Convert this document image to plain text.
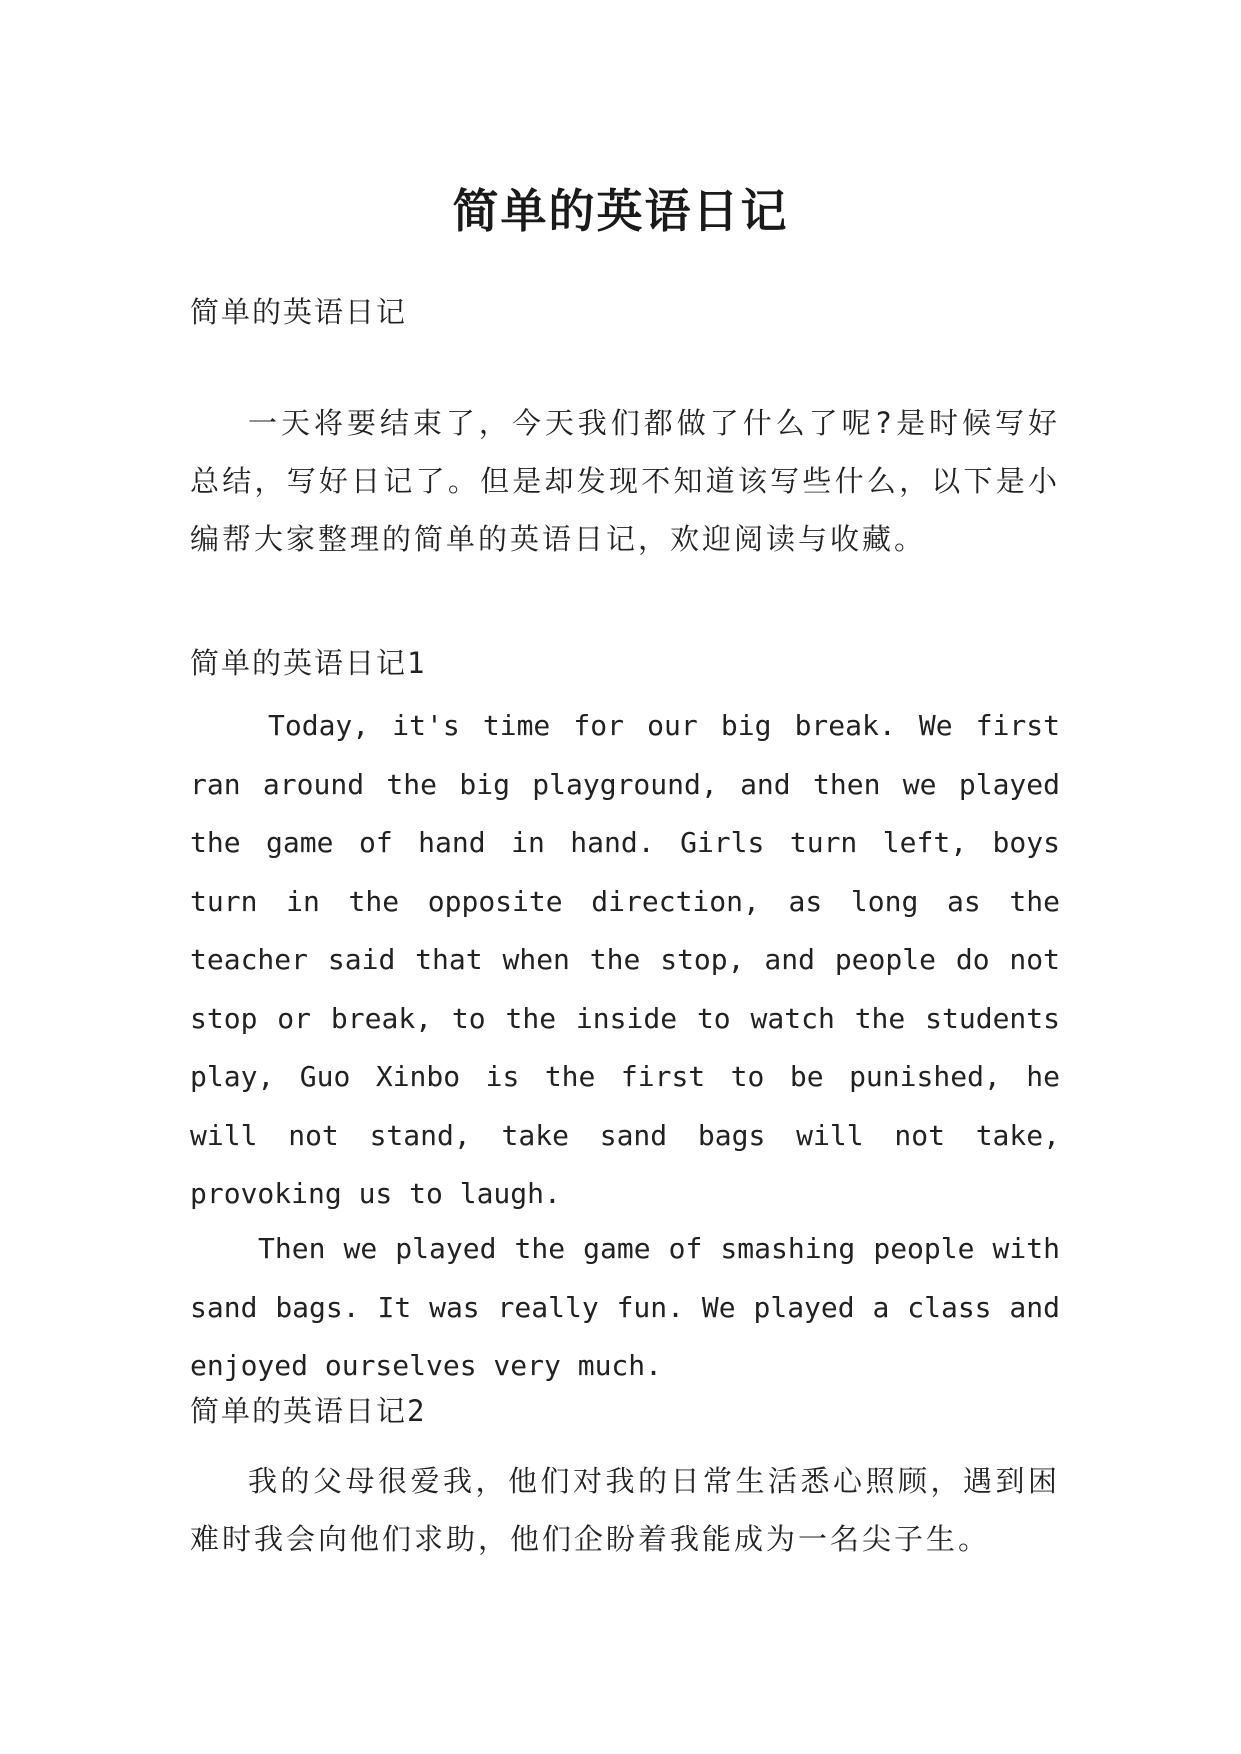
简单的英语日记

简单的英语日记

一天将要结束了，今天我们都做了什么了呢?是时候写好总结，写好日记了。但是却发现不知道该写些什么，以下是小编帮大家整理的简单的英语日记，欢迎阅读与收藏。

简单的英语日记1

Today, it's time for our big break. We first ran around the big playground, and then we played the game of hand in hand. Girls turn left, boys turn in the opposite direction, as long as the teacher said that when the stop, and people do not stop or break, to the inside to watch the students play, Guo Xinbo is the first to be punished, he will not stand, take sand bags will not take, provoking us to laugh.

Then we played the game of smashing people with sand bags. It was really fun. We played a class and enjoyed ourselves very much.

简单的英语日记2

我的父母很爱我，他们对我的日常生活悉心照顾，遇到困难时我会向他们求助，他们企盼着我能成为一名尖子生。
